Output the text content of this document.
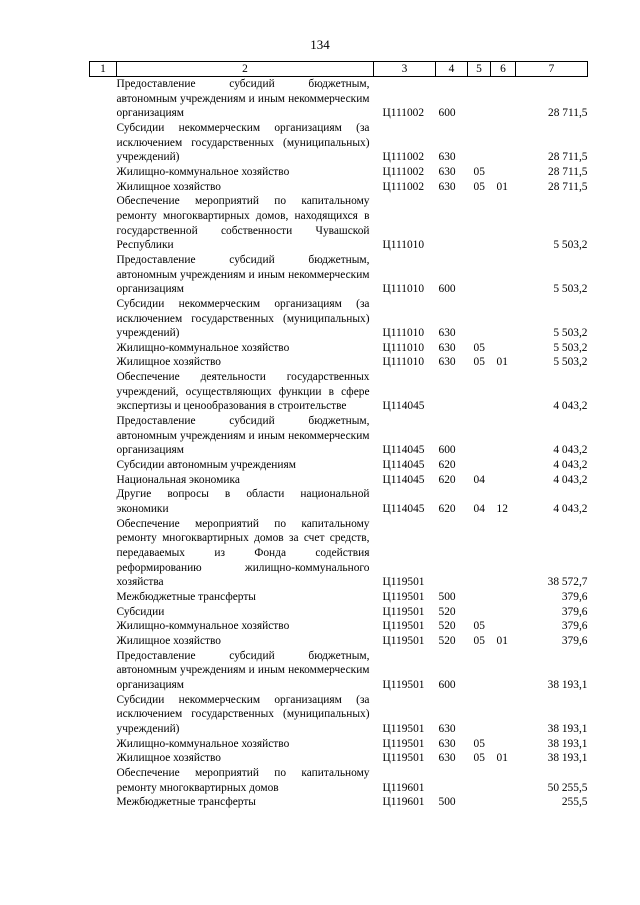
134
1	2	3	4	5	6	7
	Предоставление субсидий бюджетным, автономным учреждениям и иным некоммерческим организациям	Ц111002	600			28 711,5
	Субсидии некоммерческим организациям (за исключением государственных (муниципальных) учреждений)	Ц111002	630			28 711,5
	Жилищно-коммунальное хозяйство	Ц111002	630	05		28 711,5
	Жилищное хозяйство	Ц111002	630	05	01	28 711,5
	Обеспечение мероприятий по капитальному ремонту многоквартирных домов, находящихся в государственной собственности Чувашской Республики	Ц111010				5 503,2
	Предоставление субсидий бюджетным, автономным учреждениям и иным некоммерческим организациям	Ц111010	600			5 503,2
	Субсидии некоммерческим организациям (за исключением государственных (муниципальных) учреждений)	Ц111010	630			5 503,2
	Жилищно-коммунальное хозяйство	Ц111010	630	05		5 503,2
	Жилищное хозяйство	Ц111010	630	05	01	5 503,2
	Обеспечение деятельности государственных учреждений, осуществляющих функции в сфере экспертизы и ценообразования в строительстве	Ц114045				4 043,2
	Предоставление субсидий бюджетным, автономным учреждениям и иным некоммерческим организациям	Ц114045	600			4 043,2
	Субсидии автономным учреждениям	Ц114045	620			4 043,2
	Национальная экономика	Ц114045	620	04		4 043,2
	Другие вопросы в области национальной экономики	Ц114045	620	04	12	4 043,2
	Обеспечение мероприятий по капитальному ремонту многоквартирных домов за счет средств, передаваемых из Фонда содействия реформированию жилищно-коммунального хозяйства	Ц119501				38 572,7
	Межбюджетные трансферты	Ц119501	500			379,6
	Субсидии	Ц119501	520			379,6
	Жилищно-коммунальное хозяйство	Ц119501	520	05		379,6
	Жилищное хозяйство	Ц119501	520	05	01	379,6
	Предоставление субсидий бюджетным, автономным учреждениям и иным некоммерческим организациям	Ц119501	600			38 193,1
	Субсидии некоммерческим организациям (за исключением государственных (муниципальных) учреждений)	Ц119501	630			38 193,1
	Жилищно-коммунальное хозяйство	Ц119501	630	05		38 193,1
	Жилищное хозяйство	Ц119501	630	05	01	38 193,1
	Обеспечение мероприятий по капитальному ремонту многоквартирных домов	Ц119601				50 255,5
	Межбюджетные трансферты	Ц119601	500			255,5
